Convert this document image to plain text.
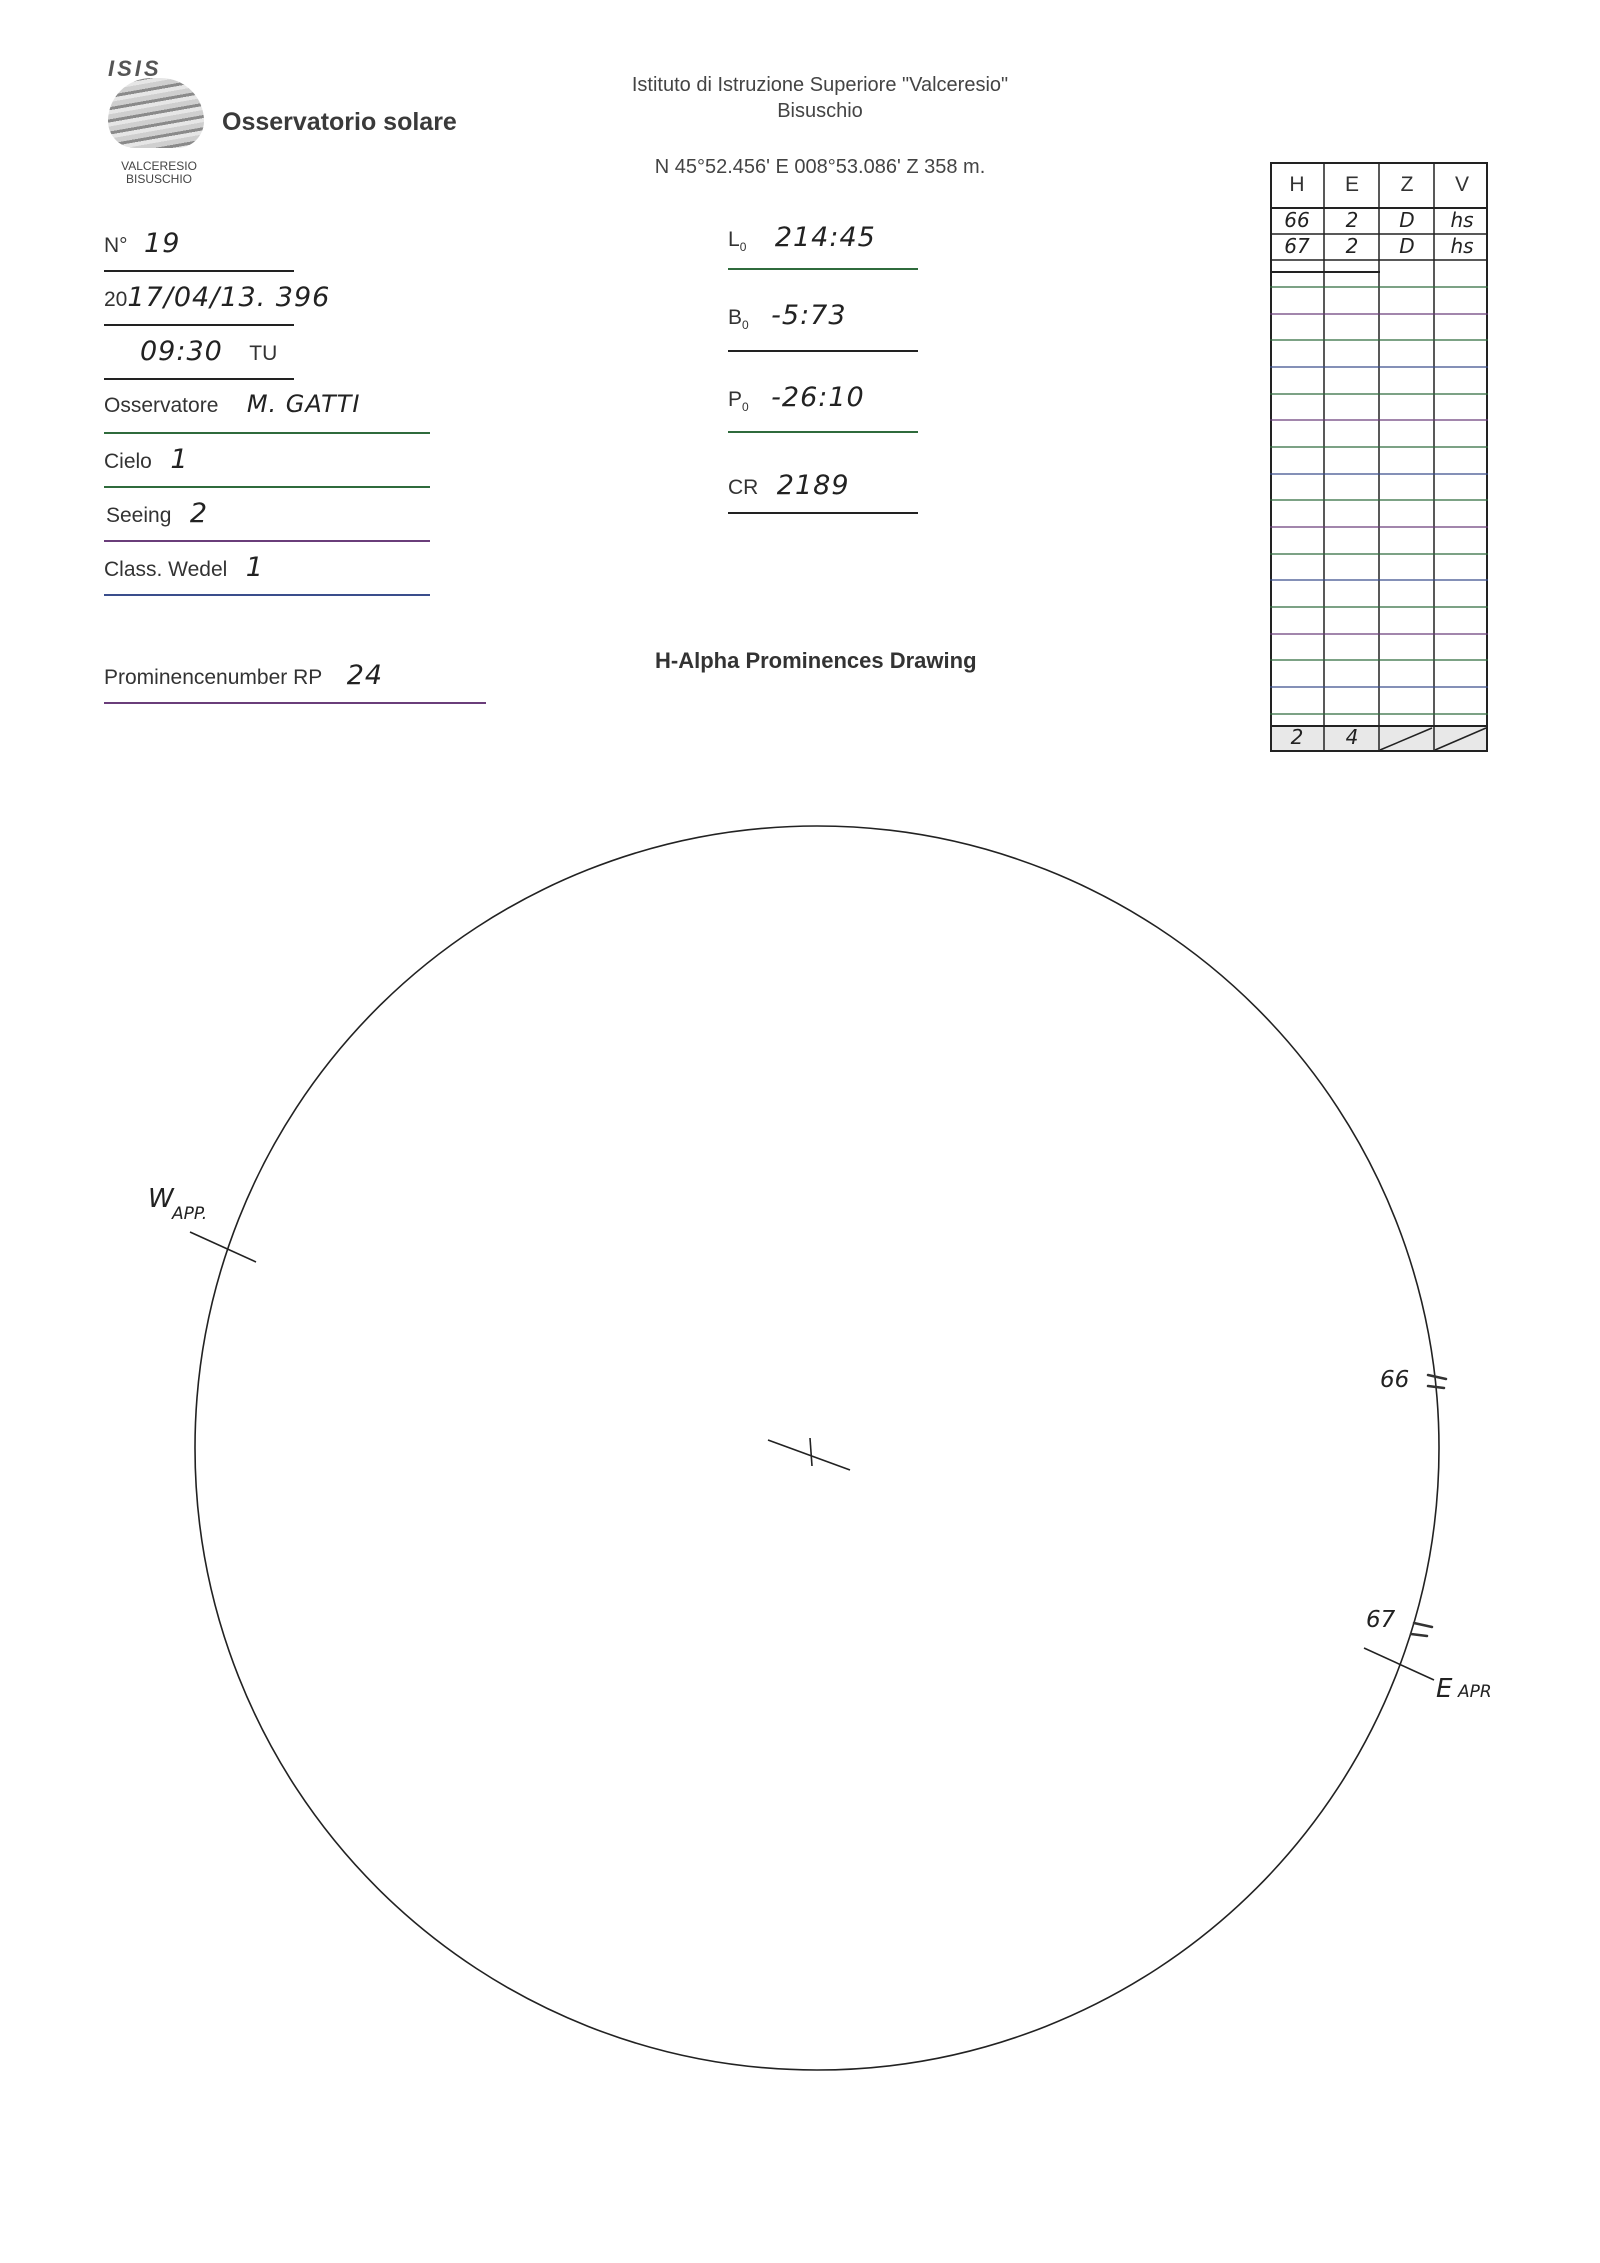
ISIS
VALCERESIO BISUSCHIO
Osservatorio solare
Istituto di Istruzione Superiore "Valceresio"
Bisuschio
N 45°52.456' E 008°53.086' Z 358 m.
N° 19
2017/04/13. 396
09:30 TU
Osservatore M. GATTI
Cielo 1
Seeing 2
Class. Wedel 1
Prominencenumber RP 24
$L_0$ 214:45
$B_0$ -5:73
$P_0$ -26:10
CR 2189
H-Alpha Prominences Drawing
H	E	Z	V
66	2	D	hs
67	2	D	hs
2	4
W
APP.
E APR
66
67
